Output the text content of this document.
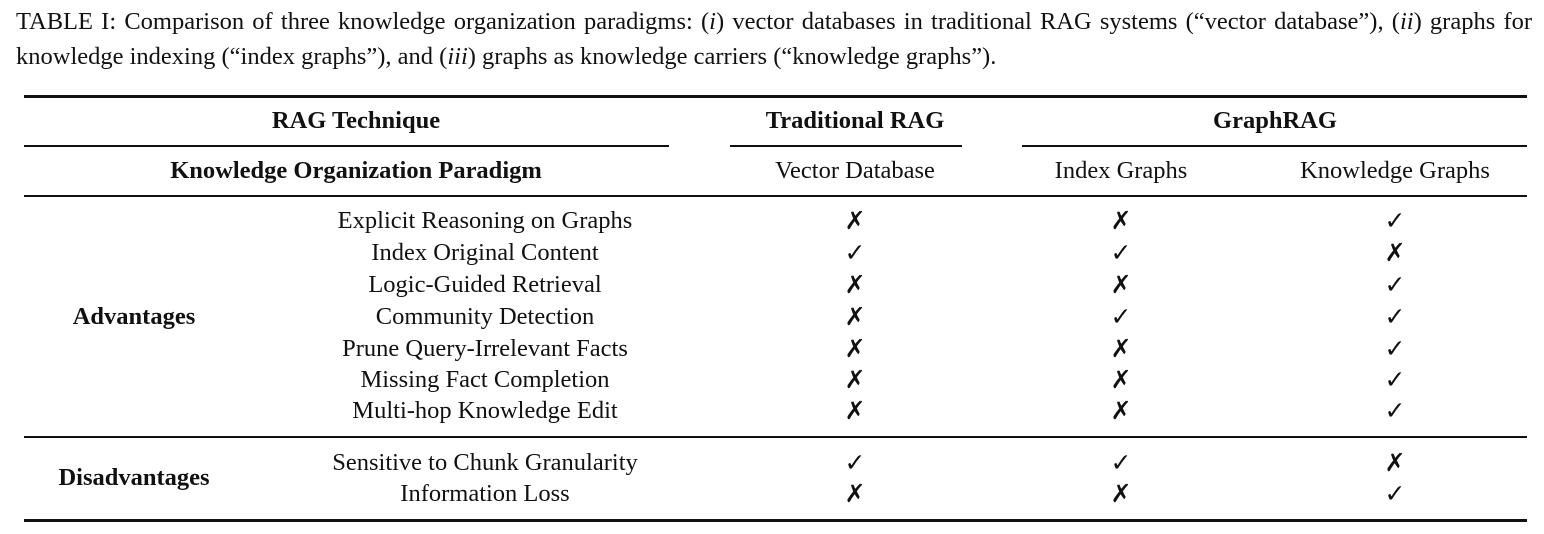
TABLE I: Comparison of three knowledge organization paradigms: (i) vector databases in traditional RAG systems (“vector database”), (ii) graphs for knowledge indexing (“index graphs”), and (iii) graphs as knowledge carriers (“knowledge graphs”).
RAG Technique	Traditional RAG	GraphRAG
Knowledge Organization Paradigm	Vector Database	Index Graphs	Knowledge Graphs
Advantages
Explicit Reasoning on Graphs	✗	✗	✓
Index Original Content	✓	✓	✗
Logic-Guided Retrieval	✗	✗	✓
Community Detection	✗	✓	✓
Prune Query-Irrelevant Facts	✗	✗	✓
Missing Fact Completion	✗	✗	✓
Multi-hop Knowledge Edit	✗	✗	✓
Disadvantages
Sensitive to Chunk Granularity	✓	✓	✗
Information Loss	✗	✗	✓
